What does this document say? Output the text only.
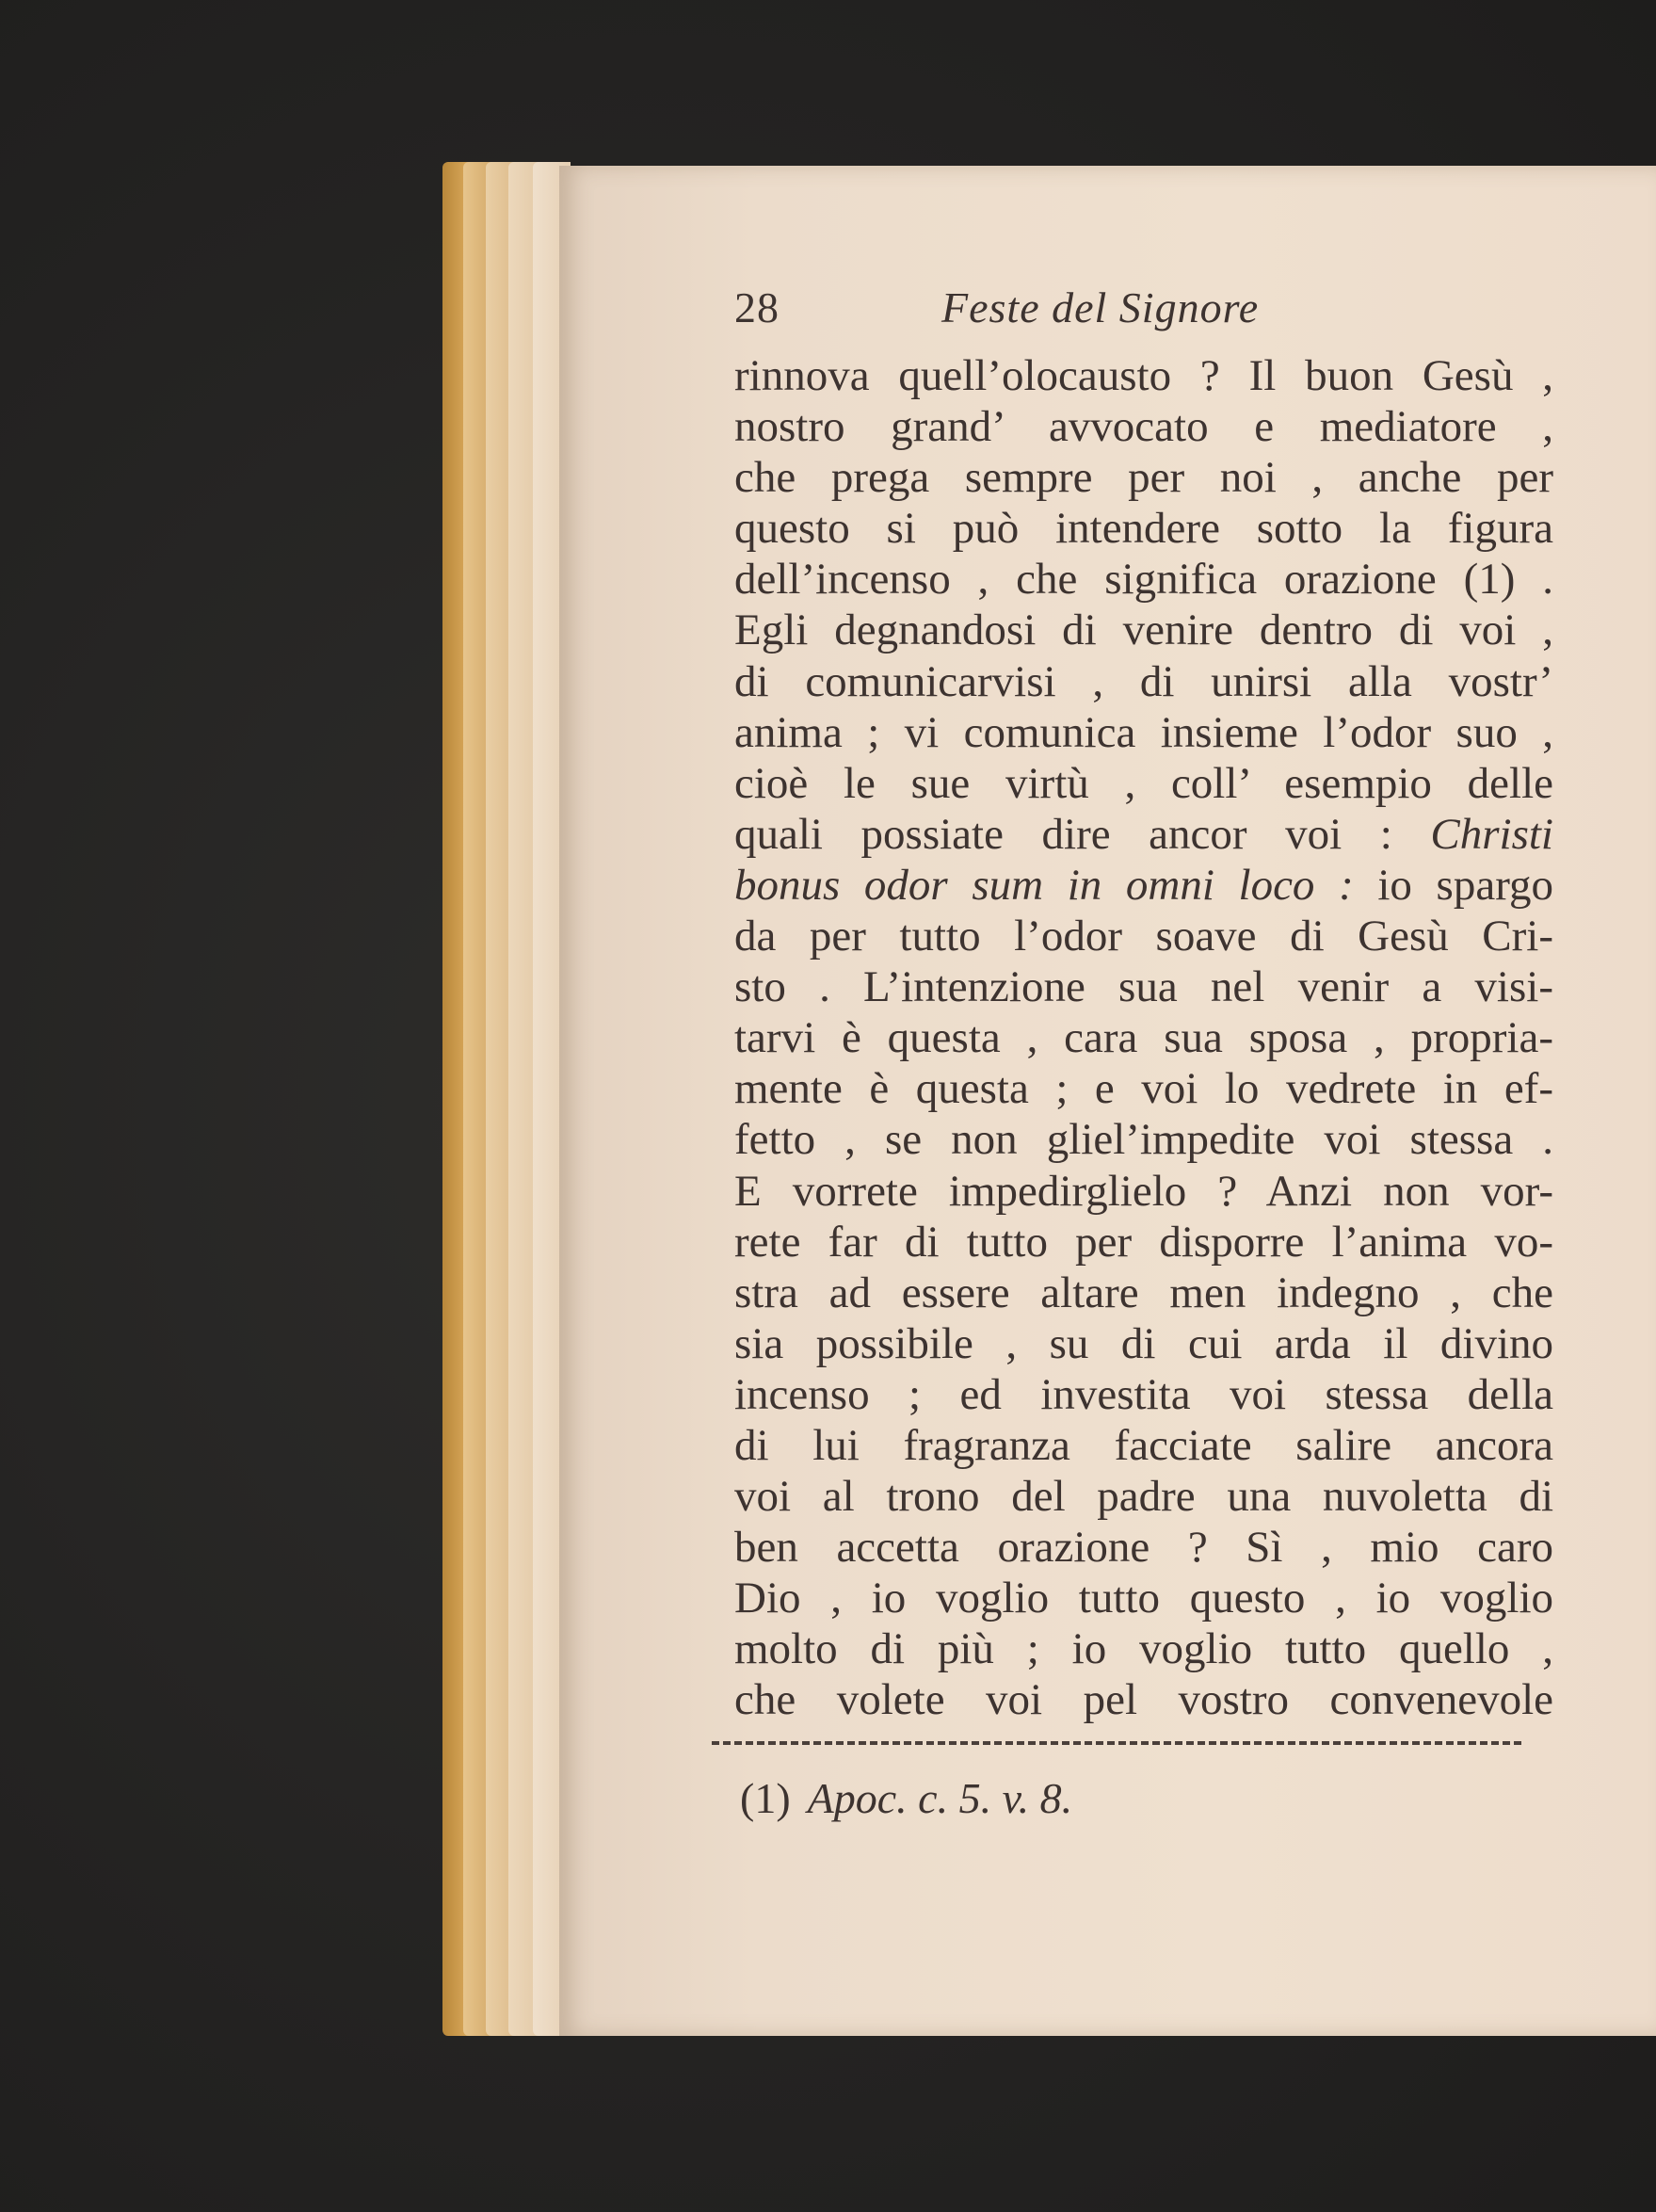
28	Feste del Signore
rinnova quell’olocausto ? Il buon Gesù ,
nostro grand’ avvocato e mediatore ,
che prega sempre per noi , anche per
questo si può intendere sotto la figura
dell’incenso , che significa orazione (1) .
Egli degnandosi di venire dentro di voi ,
di comunicarvisi , di unirsi alla vostr’
anima ; vi comunica insieme l’odor suo ,
cioè le sue virtù , coll’ esempio delle
quali possiate dire ancor voi : Christi
bonus odor sum in omni loco : io spargo
da per tutto l’odor soave di Gesù Cri-
sto . L’intenzione sua nel venir a visi-
tarvi è questa , cara sua sposa , propria-
mente è questa ; e voi lo vedrete in ef-
fetto , se non gliel’impedite voi stessa .
E vorrete impedirglielo ? Anzi non vor-
rete far di tutto per disporre l’anima vo-
stra ad essere altare men indegno , che
sia possibile , su di cui arda il divino
incenso ; ed investita voi stessa della
di lui fragranza facciate salire ancora
voi al trono del padre una nuvoletta di
ben accetta orazione ? Sì , mio caro
Dio , io voglio tutto questo , io voglio
molto di più ; io voglio tutto quello ,
che volete voi pel vostro convenevole
(1) Apoc. c. 5. v. 8.
